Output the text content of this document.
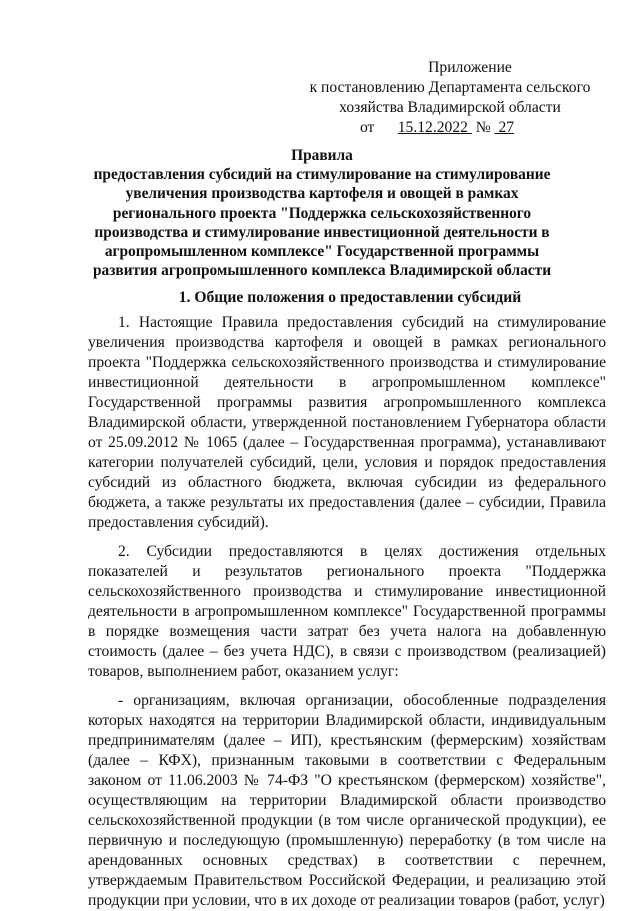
Приложение
к постановлению Департамента сельского
хозяйства Владимирской области
от 15.12.2022 № 27
Правила
предоставления субсидий на стимулирование на стимулирование увеличения производства картофеля и овощей в рамках регионального проекта "Поддержка сельскохозяйственного производства и стимулирование инвестиционной деятельности в агропромышленном комплексе" Государственной программы развития агропромышленного комплекса Владимирской области
1. Общие положения о предоставлении субсидий

1. Настоящие Правила предоставления субсидий на стимулирование увеличения производства картофеля и овощей в рамках регионального проекта "Поддержка сельскохозяйственного производства и стимулирование инвестиционной деятельности в агропромышленном комплексе" Государственной программы развития агропромышленного комплекса Владимирской области, утвержденной постановлением Губернатора области от 25.09.2012 № 1065 (далее – Государственная программа), устанавливают категории получателей субсидий, цели, условия и порядок предоставления субсидий из областного бюджета, включая субсидии из федерального бюджета, а также результаты их предоставления (далее – субсидии, Правила предоставления субсидий).

2. Субсидии предоставляются в целях достижения отдельных показателей и результатов регионального проекта "Поддержка сельскохозяйственного производства и стимулирование инвестиционной деятельности в агропромышленном комплексе" Государственной программы в порядке возмещения части затрат без учета налога на добавленную стоимость (далее – без учета НДС), в связи с производством (реализацией) товаров, выполнением работ, оказанием услуг:

- организациям, включая организации, обособленные подразделения которых находятся на территории Владимирской области, индивидуальным предпринимателям (далее – ИП), крестьянским (фермерским) хозяйствам (далее – КФХ), признанным таковыми в соответствии с Федеральным законом от 11.06.2003 № 74-ФЗ "О крестьянском (фермерском) хозяйстве", осуществляющим на территории Владимирской области производство сельскохозяйственной продукции (в том числе органической продукции), ее первичную и последующую (промышленную) переработку (в том числе на арендованных основных средствах) в соответствии с перечнем, утверждаемым Правительством Российской Федерации, и реализацию этой продукции при условии, что в их доходе от реализации товаров (работ, услуг)
